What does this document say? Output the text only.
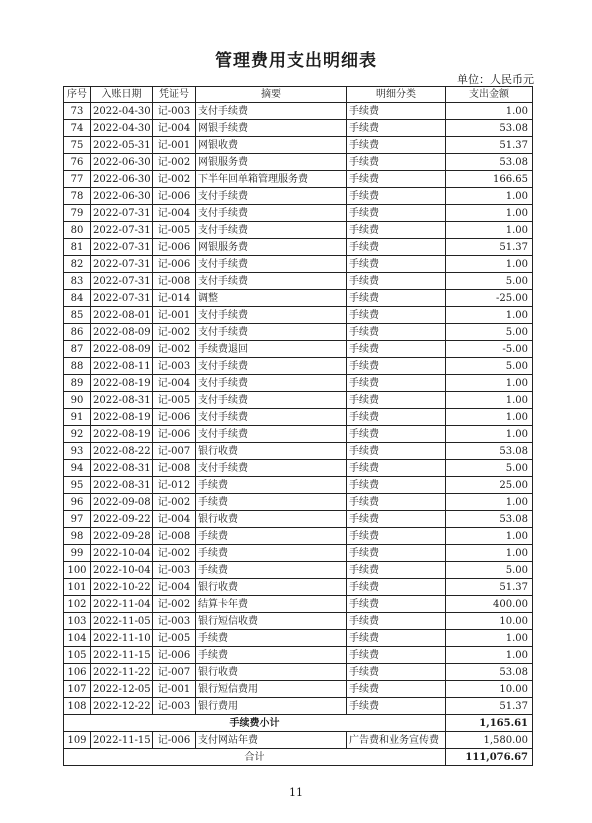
管理费用支出明细表
单位：人民币元
序号	入账日期	凭证号	摘要	明细分类	支出金额
73	2022-04-30	记-003	支付手续费	手续费	1.00
74	2022-04-30	记-004	网银手续费	手续费	53.08
75	2022-05-31	记-001	网银收费	手续费	51.37
76	2022-06-30	记-002	网银服务费	手续费	53.08
77	2022-06-30	记-002	下半年回单箱管理服务费	手续费	166.65
78	2022-06-30	记-006	支付手续费	手续费	1.00
79	2022-07-31	记-004	支付手续费	手续费	1.00
80	2022-07-31	记-005	支付手续费	手续费	1.00
81	2022-07-31	记-006	网银服务费	手续费	51.37
82	2022-07-31	记-006	支付手续费	手续费	1.00
83	2022-07-31	记-008	支付手续费	手续费	5.00
84	2022-07-31	记-014	调整	手续费	-25.00
85	2022-08-01	记-001	支付手续费	手续费	1.00
86	2022-08-09	记-002	支付手续费	手续费	5.00
87	2022-08-09	记-002	手续费退回	手续费	-5.00
88	2022-08-11	记-003	支付手续费	手续费	5.00
89	2022-08-19	记-004	支付手续费	手续费	1.00
90	2022-08-31	记-005	支付手续费	手续费	1.00
91	2022-08-19	记-006	支付手续费	手续费	1.00
92	2022-08-19	记-006	支付手续费	手续费	1.00
93	2022-08-22	记-007	银行收费	手续费	53.08
94	2022-08-31	记-008	支付手续费	手续费	5.00
95	2022-08-31	记-012	手续费	手续费	25.00
96	2022-09-08	记-002	手续费	手续费	1.00
97	2022-09-22	记-004	银行收费	手续费	53.08
98	2022-09-28	记-008	手续费	手续费	1.00
99	2022-10-04	记-002	手续费	手续费	1.00
100	2022-10-04	记-003	手续费	手续费	5.00
101	2022-10-22	记-004	银行收费	手续费	51.37
102	2022-11-04	记-002	结算卡年费	手续费	400.00
103	2022-11-05	记-003	银行短信收费	手续费	10.00
104	2022-11-10	记-005	手续费	手续费	1.00
105	2022-11-15	记-006	手续费	手续费	1.00
106	2022-11-22	记-007	银行收费	手续费	53.08
107	2022-12-05	记-001	银行短信费用	手续费	10.00
108	2022-12-22	记-003	银行费用	手续费	51.37
手续费小计					1,165.61
109	2022-11-15	记-006	支付网站年费	广告费和业务宣传费	1,580.00
合计					111,076.67
11
